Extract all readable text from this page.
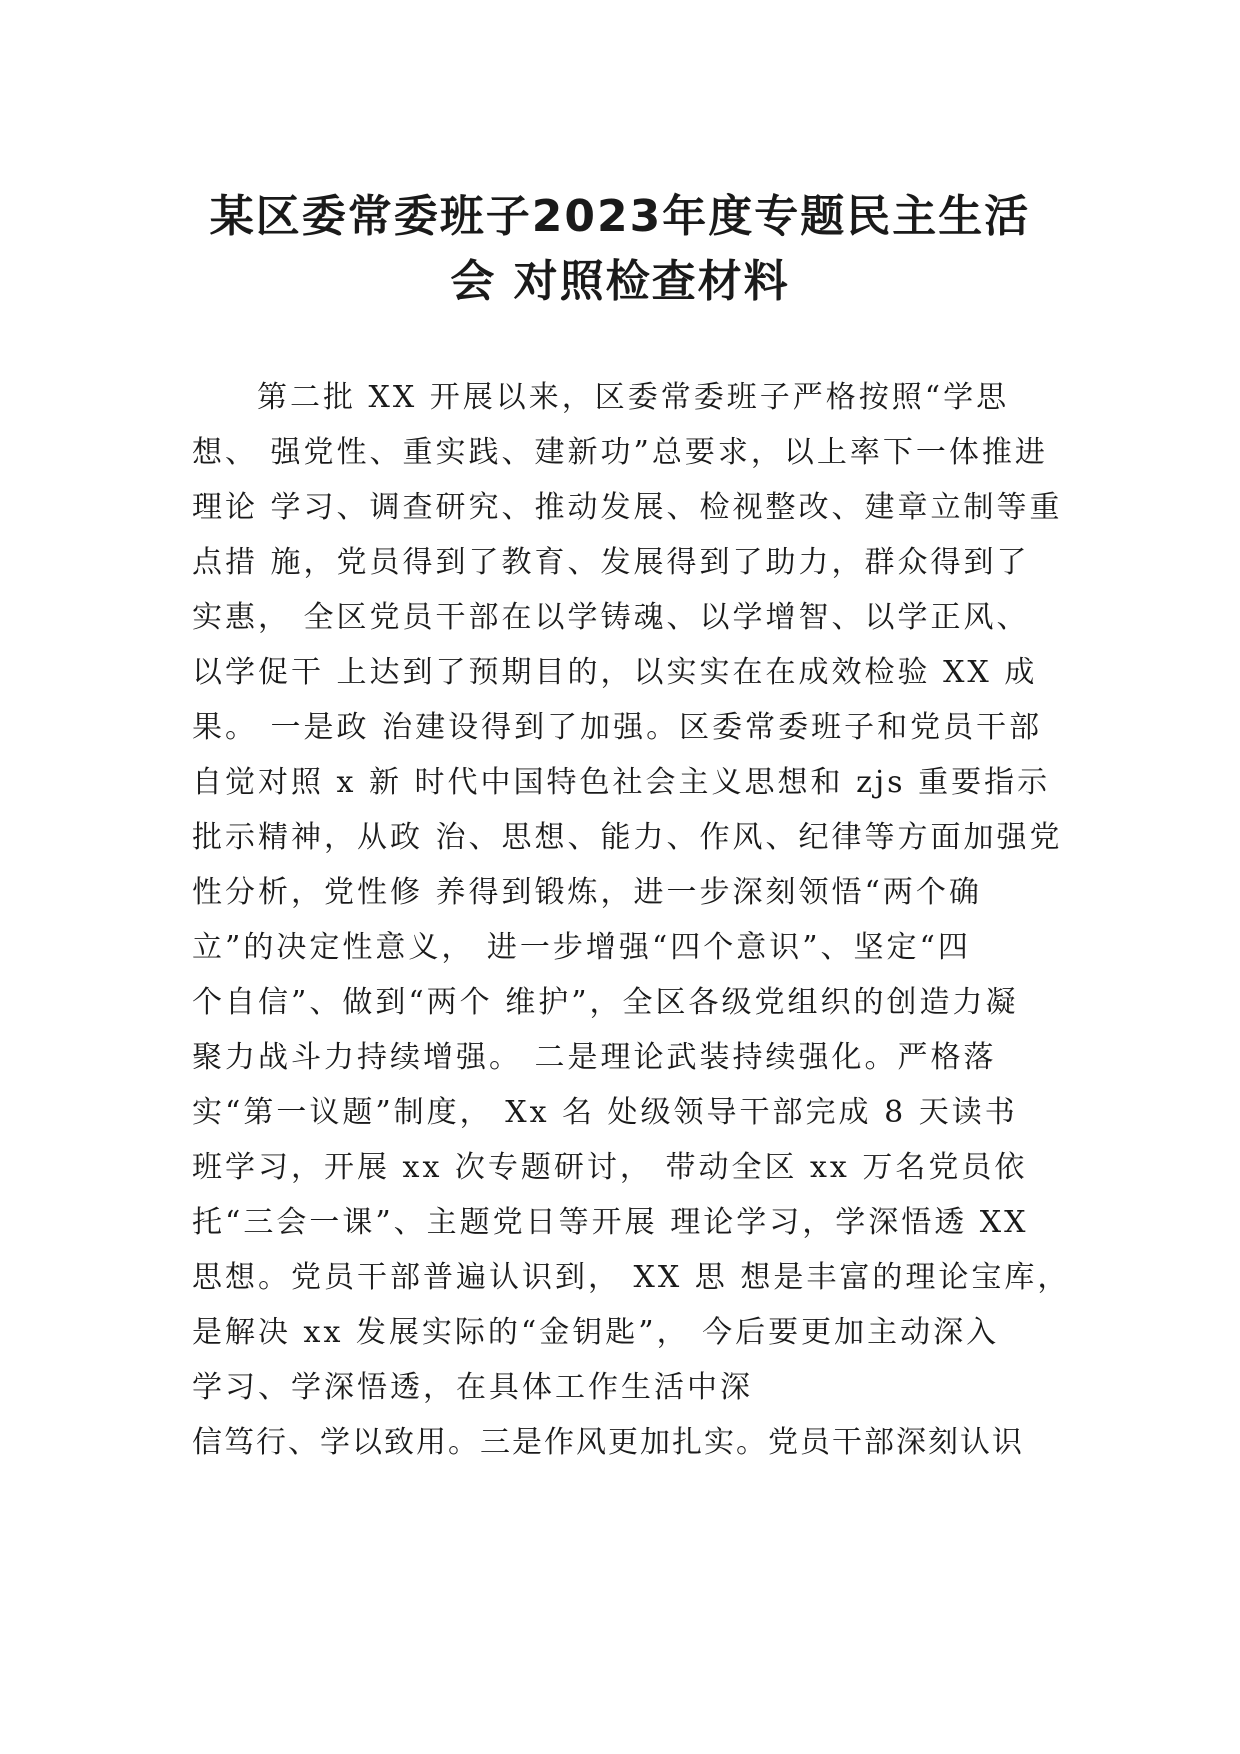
某区委常委班子2023年度专题民主生活
会 对照检查材料
第二批 XX 开展以来，区委常委班子严格按照“学思
想、 强党性、重实践、建新功”总要求，以上率下一体推进
理论 学习、调查研究、推动发展、检视整改、建章立制等重
点措 施，党员得到了教育、发展得到了助力，群众得到了
实惠， 全区党员干部在以学铸魂、以学增智、以学正风、
以学促干 上达到了预期目的，以实实在在成效检验 XX 成
果。 一是政 治建设得到了加强。区委常委班子和党员干部
自觉对照 x 新 时代中国特色社会主义思想和 zjs 重要指示
批示精神，从政 治、思想、能力、作风、纪律等方面加强党
性分析，党性修 养得到锻炼，进一步深刻领悟“两个确
立”的决定性意义， 进一步增强“四个意识”、坚定“四
个自信”、做到“两个 维护”，全区各级党组织的创造力凝
聚力战斗力持续增强。 二是理论武装持续强化。严格落
实“第一议题”制度， Xx 名 处级领导干部完成 8 天读书
班学习，开展 xx 次专题研讨， 带动全区 xx 万名党员依
托“三会一课”、主题党日等开展 理论学习，学深悟透 XX
思想。党员干部普遍认识到， XX 思 想是丰富的理论宝库，
是解决 xx 发展实际的“金钥匙”， 今后要更加主动深入
学习、学深悟透，在具体工作生活中深
信笃行、学以致用。三是作风更加扎实。党员干部深刻认识
